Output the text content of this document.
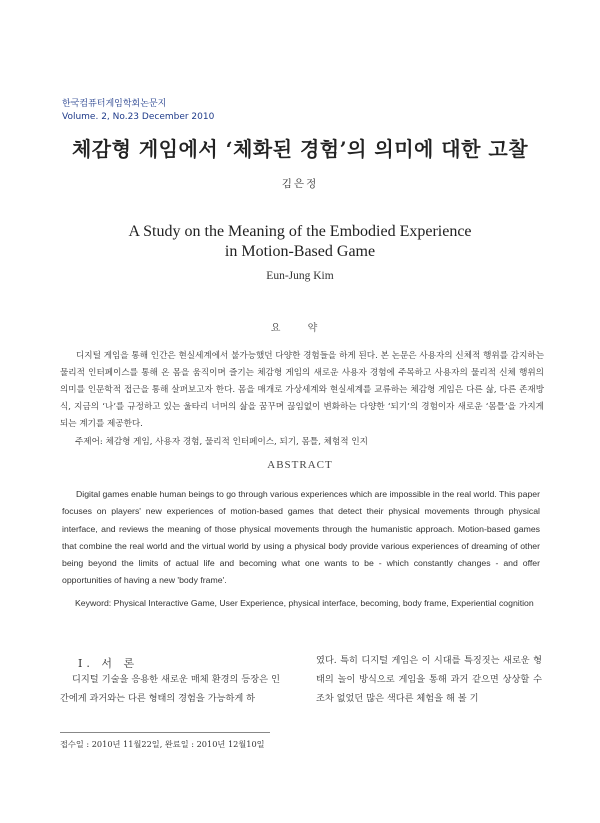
한국컴퓨터게임학회논문지
Volume. 2, No.23 December 2010
체감형 게임에서 ‘체화된 경험’의 의미에 대한 고찰
김은정
A Study on the Meaning of the Embodied Experience
in Motion-Based Game
Eun-Jung Kim
요 약
디지털 게임을 통해 인간은 현실세계에서 불가능했던 다양한 경험들을 하게 된다. 본 논문은 사용자의 신체적 행위를 감지하는 물리적 인터페이스를 통해 온 몸을 움직이며 즐기는 체감형 게임의 새로운 사용자 경험에 주목하고 사용자의 물리적 신체 행위의 의미를 인문학적 접근을 통해 살펴보고자 한다. 몸을 매개로 가상세계와 현실세계를 교류하는 체감형 게임은 다른 삶, 다른 존재방식, 지금의 ‘나’를 규정하고 있는 울타리 너머의 삶을 꿈꾸며 끊임없이 변화하는 다양한 ‘되기’의 경험이자 새로운 ‘몸틀’을 가지게 되는 계기를 제공한다.
주제어: 체감형 게임, 사용자 경험, 물리적 인터페이스, 되기, 몸틀, 체험적 인지
ABSTRACT
Digital games enable human beings to go through various experiences which are impossible in the real world. This paper focuses on players' new experiences of motion-based games that detect their physical movements through physical interface, and reviews the meaning of those physical movements through the humanistic approach. Motion-based games that combine the real world and the virtual world by using a physical body provide various experiences of dreaming of other being beyond the limits of actual life and becoming what one wants to be - which constantly changes - and offer opportunities of having a new 'body frame'.
Keyword: Physical Interactive Game, User Experience, physical interface, becoming, body frame, Experiential cognition
Ⅰ. 서 론
디지털 기술을 응용한 새로운 매체 환경의 등장은 인간에게 과거와는 다른 형태의 경험을 가능하게 하
였다. 특히 디지털 게임은 이 시대를 특징짓는 새로운 형태의 놀이 방식으로 게임을 통해 과거 같으면 상상할 수조차 없었던 많은 색다른 체험을 해 볼 기
접수일 : 2010년 11월22일, 완료일 : 2010년 12월10일
